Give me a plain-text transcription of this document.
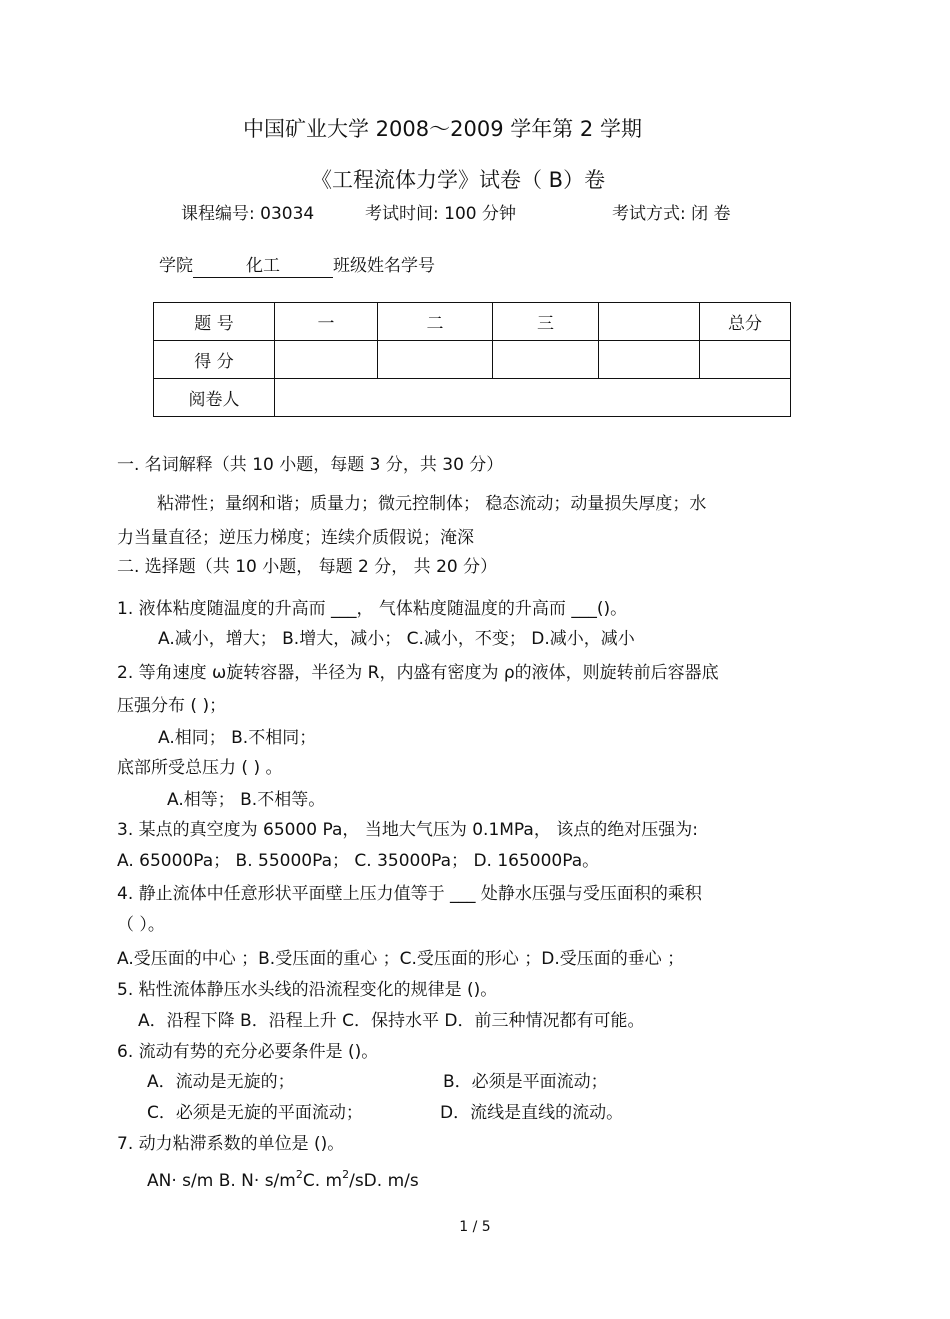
中国矿业大学 2008～2009 学年第 2 学期
《工程流体力学》试卷（ B）卷
课程编号: 03034	考试时间: 100 分钟	考试方式: 闭 卷
学院	化工	班级姓名学号
题 号	一	二	三		总分
得 分					
阅卷人					
一. 名词解释（共 10 小题，每题 3 分，共 30 分）
粘滞性；量纲和谐；质量力；微元控制体； 稳态流动；动量损失厚度；水
力当量直径；逆压力梯度；连续介质假说；淹深
二. 选择题（共 10 小题， 每题 2 分， 共 20 分）
1. 液体粘度随温度的升高而 ___， 气体粘度随温度的升高而 ___()。
A.减小，增大； B.增大，减小； C.减小，不变； D.减小，减小
2. 等角速度 ω旋转容器，半径为 R，内盛有密度为 ρ的液体，则旋转前后容器底
压强分布 ( )；
A.相同； B.不相同；
底部所受总压力 ( ) 。
A.相等； B.不相等。
3. 某点的真空度为 65000 Pa， 当地大气压为 0.1MPa， 该点的绝对压强为:
A. 65000Pa； B. 55000Pa； C. 35000Pa； D. 165000Pa。
4. 静止流体中任意形状平面壁上压力值等于 ___ 处静水压强与受压面积的乘积
（ ）。
A.受压面的中心 ；B.受压面的重心 ；C.受压面的形心 ；D.受压面的垂心 ；
5. 粘性流体静压水头线的沿流程变化的规律是 ()。
A．沿程下降 B．沿程上升 C．保持水平 D．前三种情况都有可能。
6. 流动有势的充分必要条件是 ()。
A．流动是无旋的；	B．必须是平面流动；
C．必须是无旋的平面流动；	D．流线是直线的流动。
7. 动力粘滞系数的单位是 ()。
AN· s/m B. $N\cdot s/m^2C$. $m^2/sD$. m/s
1 / 5
